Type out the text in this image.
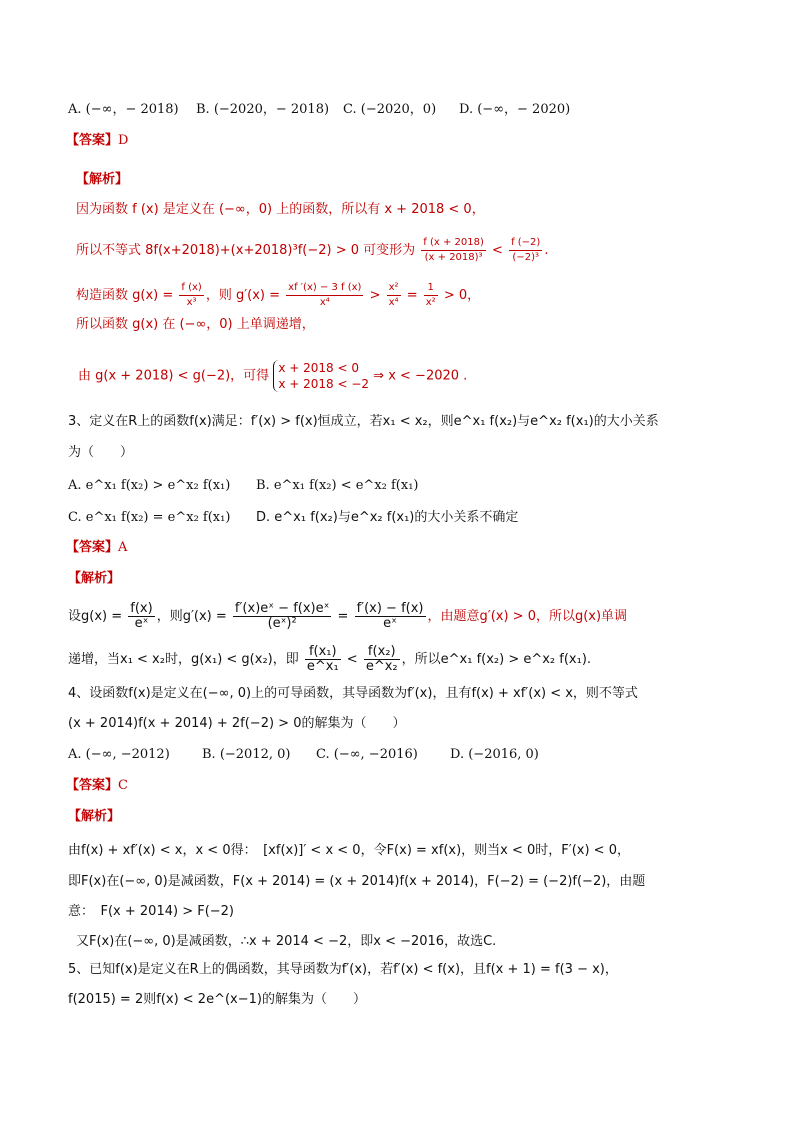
A. (−∞，− 2018) B. (−2020，− 2018) C. (−2020，0) D. (−∞，− 2020)
【答案】D
【解析】
因为函数 f (x) 是定义在 (−∞，0) 上的函数，所以有 x + 2018 < 0，
所以不等式 8f(x+2018)+(x+2018)³f(−2) > 0 可变形为 $\frac{f (x + 2018)}{\text{(x + 2018)³}} < \frac{f (-2)}{\text{(−2)³}}$ .
构造函数 $g(x) = \frac{f (x)}{\text{x³}}$ ，则 $g'(x) = \frac{xf '(x) - 3 f (x)}{\text{x⁴}} > \frac{\text{x²}}{\text{x⁴}} = \frac{1}{\text{x²}} > 0$，
所以函数 g(x) 在 (−∞，0) 上单调递增，
由 g(x + 2018) < g(−2)，可得 x + 2018 < 0
x + 2018 < −2 ⇒ x < −2020 .
3、定义在R上的函数f(x)满足：f′(x) > f(x)恒成立，若x₁ < x₂，则e^x₁ f(x₂)与e^x₂ f(x₁)的大小关系
为（　　）
A. e^x₁ f(x₂) > e^x₂ f(x₁) B. e^x₁ f(x₂) < e^x₂ f(x₁)
C. e^x₁ f(x₂) = e^x₂ f(x₁) D. e^x₁ f(x₂)与e^x₂ f(x₁)的大小关系不确定
【答案】A
【解析】
设$g(x) = \frac{f(x)}{\text{eˣ}}$ ，则$g'(x) = \frac{\text{f′(x)eˣ − f(x)eˣ}}{\text{(eˣ)²}} = \frac{f'(x) - f(x)}{\text{eˣ}}$ ，由题意g′(x) > 0，所以g(x)单调
递增，当x₁ < x₂时，g(x₁) < g(x₂)，即 $\frac{\text{f(x₁)}}{\text{e\textasciicircum{}x₁}} < \frac{\text{f(x₂)}}{\text{e\textasciicircum{}x₂}}$ ，所以e^x₁ f(x₂) > e^x₂ f(x₁).
4、设函数f(x)是定义在(−∞, 0)上的可导函数，其导函数为f′(x)，且有f(x) + xf′(x) < x，则不等式
(x + 2014)f(x + 2014) + 2f(−2) > 0的解集为（　　）
A. (−∞, −2012) B. (−2012, 0) C. (−∞, −2016) D. (−2016, 0)
【答案】C
【解析】
由f(x) + xf′(x) < x，x < 0得：　[xf(x)]′ < x < 0，令F(x) = xf(x)，则当x < 0时，F′(x) < 0，
即F(x)在(−∞, 0)是减函数，F(x + 2014) = (x + 2014)f(x + 2014)，F(−2) = (−2)f(−2)，由题
意：　F(x + 2014) > F(−2)
又F(x)在(−∞, 0)是减函数，∴x + 2014 < −2，即x < −2016，故选C.
5、已知f(x)是定义在R上的偶函数，其导函数为f′(x)，若f′(x) < f(x)，且f(x + 1) = f(3 − x)，
f(2015) = 2则f(x) < 2e^(x−1)的解集为（　　）
